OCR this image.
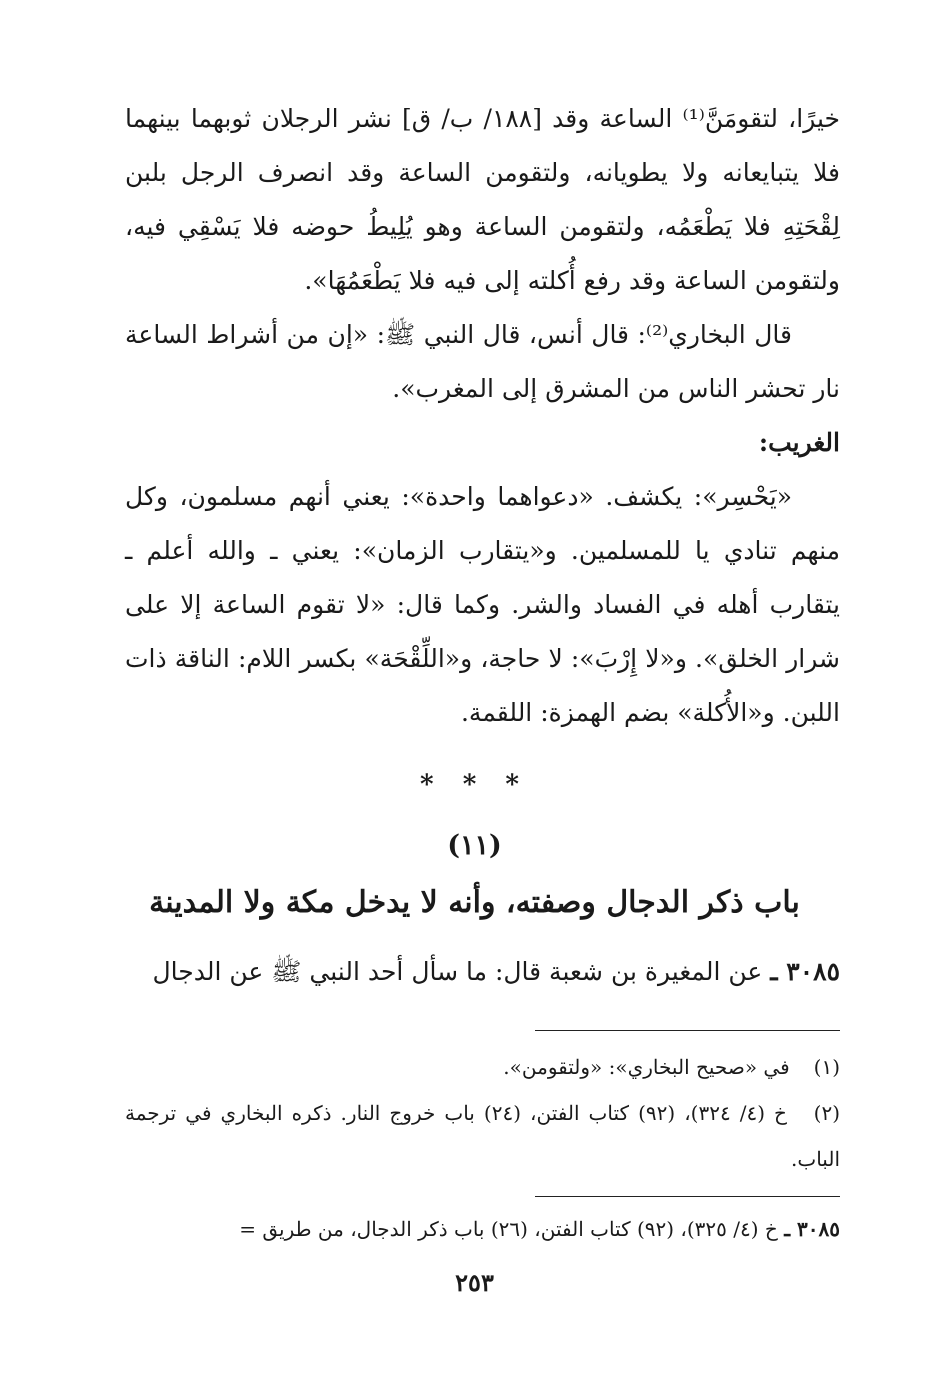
خيرًا، لتقومَنَّ⁽¹⁾ الساعة وقد [١٨٨/ ب/ ق] نشر الرجلان ثوبهما بينهما فلا يتبايعانه ولا يطويانه، ولتقومن الساعة وقد انصرف الرجل بلبن لِقْحَتِهِ فلا يَطْعَمُه، ولتقومن الساعة وهو يُلِيطُ حوضه فلا يَسْقِي فيه، ولتقومن الساعة وقد رفع أُكلته إلى فيه فلا يَطْعَمُهَا».

قال البخاري⁽²⁾: قال أنس، قال النبي ﷺ: «إن من أشراط الساعة نار تحشر الناس من المشرق إلى المغرب».

الغريب:

«يَحْسِر»: يكشف. «دعواهما واحدة»: يعني أنهم مسلمون، وكل منهم تنادي يا للمسلمين. و«يتقارب الزمان»: يعني ـ والله أعلم ـ يتقارب أهله في الفساد والشر. وكما قال: «لا تقوم الساعة إلا على شرار الخلق». و«لا إِرْبَ»: لا حاجة، و«اللِّقْحَة» بكسر اللام: الناقة ذات اللبن. و«الأُكلة» بضم الهمزة: اللقمة.

* * *
(١١)
باب ذكر الدجال وصفته، وأنه لا يدخل مكة ولا المدينة
٣٠٨٥ ـ عن المغيرة بن شعبة قال: ما سأل أحد النبي ﷺ عن الدجال
(١) في «صحيح البخاري»: «ولتقومن».
(٢) خ (٤/ ٣٢٤)، (٩٢) كتاب الفتن، (٢٤) باب خروج النار. ذكره البخاري في ترجمة الباب.
٣٠٨٥ ـ خ (٤/ ٣٢٥)، (٩٢) كتاب الفتن، (٢٦) باب ذكر الدجال، من طريق =
٢٥٣
